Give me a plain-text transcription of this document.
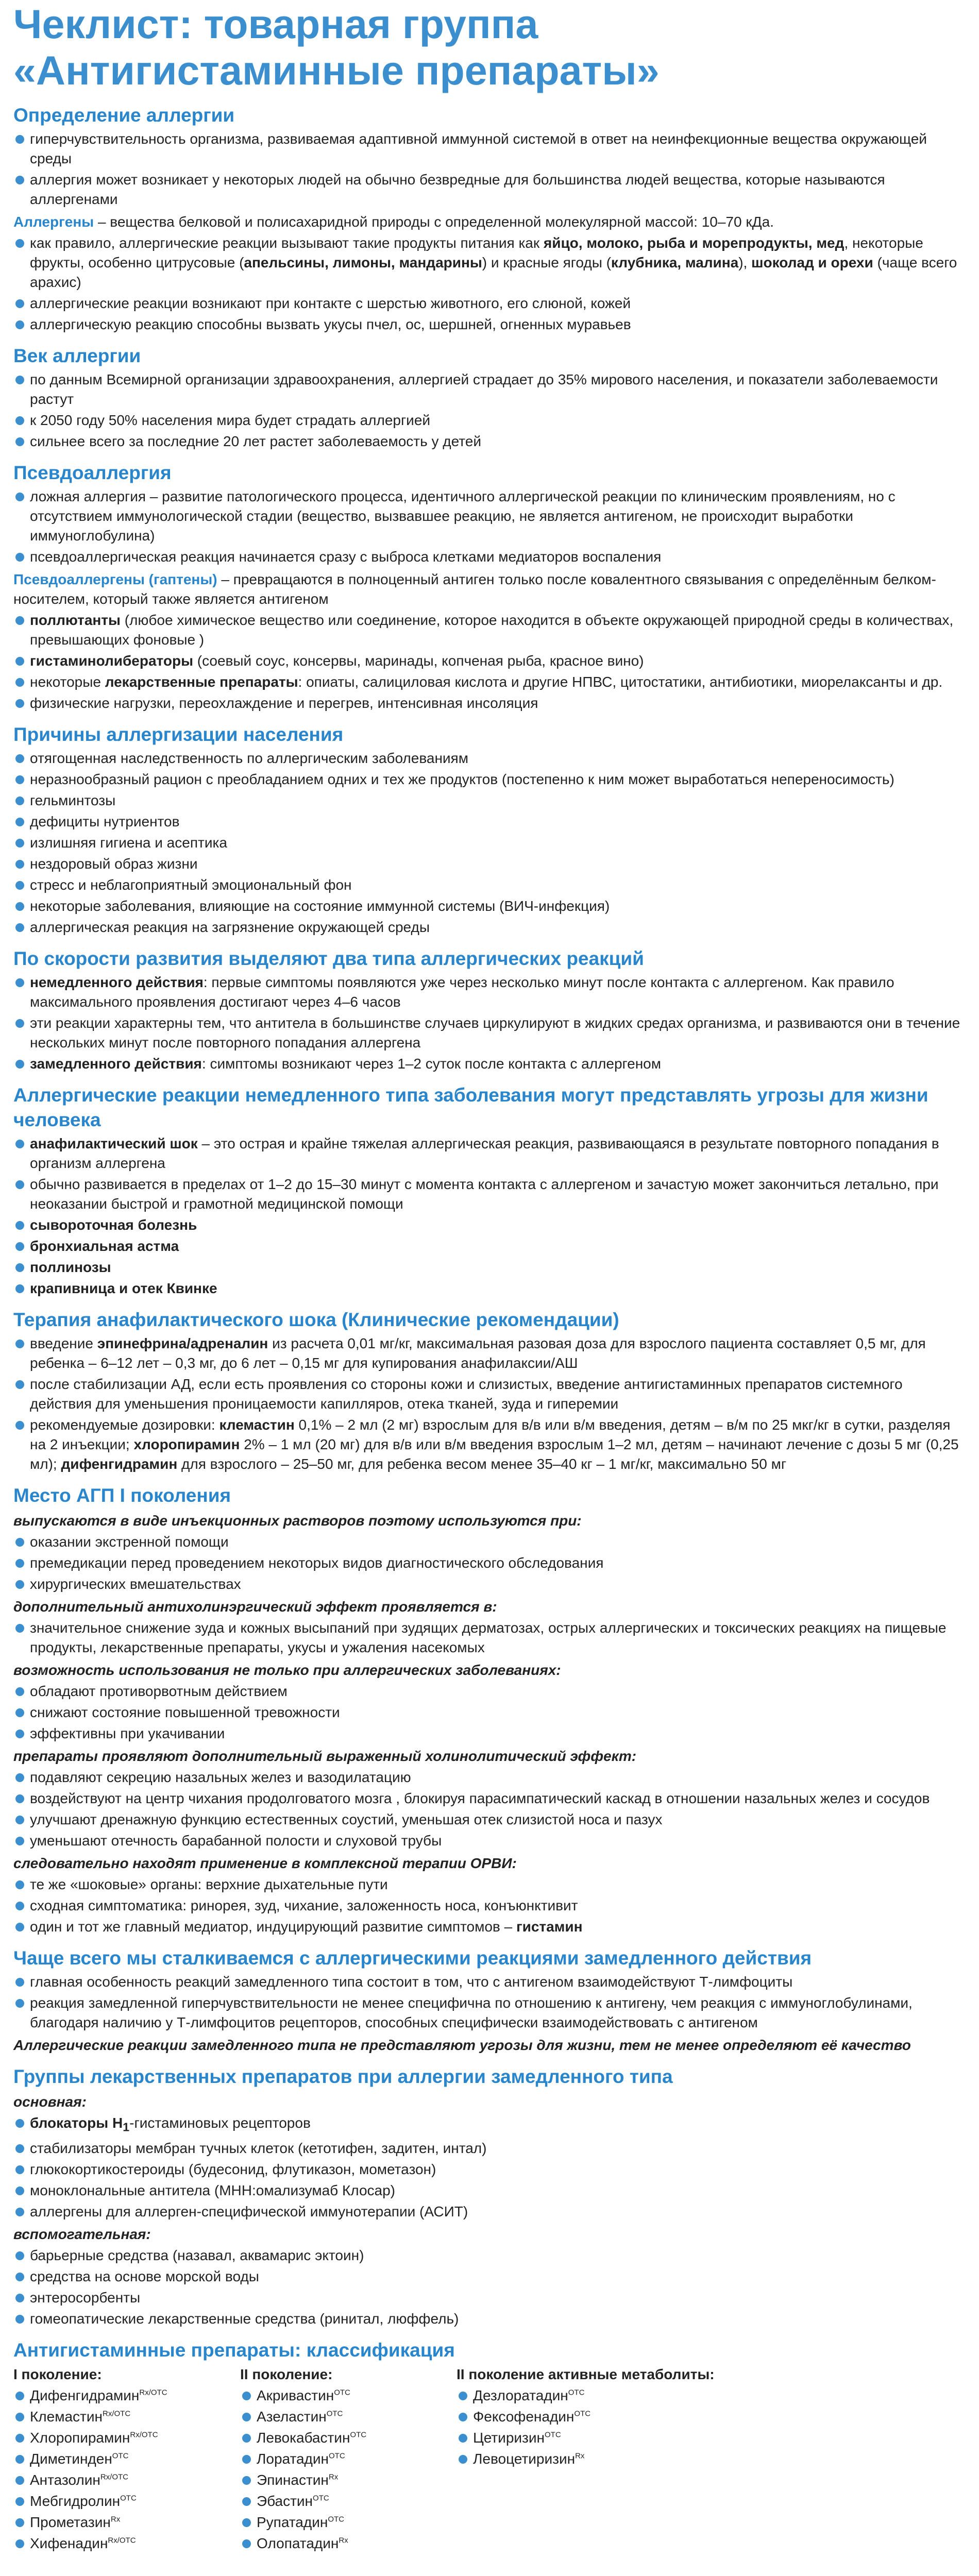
Чеклист: товарная группа
«Антигистаминные препараты»
Определение аллергии
гиперчувствительность организма, развиваемая адаптивной иммунной системой в ответ на неинфекционные вещества окружающей среды
аллергия может возникает у некоторых людей на обычно безвредные для большинства людей вещества, которые называются аллергенами

Аллергены – вещества белковой и полисахаридной природы с определенной молекулярной массой: 10–70 кДа.

как правило, аллергические реакции вызывают такие продукты питания как яйцо, молоко, рыба и морепродукты, мед, некоторые фрукты, особенно цитрусовые (апельсины, лимоны, мандарины) и красные ягоды (клубника, малина), шоколад и орехи (чаще всего арахис)
аллергические реакции возникают при контакте с шерстью животного, его слюной, кожей
аллергическую реакцию способны вызвать укусы пчел, ос, шершней, огненных муравьев
Век аллергии
по данным Всемирной организации здравоохранения, аллергией страдает до 35% мирового населения, и показатели заболеваемости растут
к 2050 году 50% населения мира будет страдать аллергией
сильнее всего за последние 20 лет растет заболеваемость у детей
Псевдоаллергия
ложная аллергия – развитие патологического процесса, идентичного аллергической реакции по клиническим проявлениям, но с отсутствием иммунологической стадии (вещество, вызвавшее реакцию, не является антигеном, не происходит выработки иммуноглобулина)
псевдоаллергическая реакция начинается сразу с выброса клетками медиаторов воспаления

Псевдоаллергены (гаптены) – превращаются в полноценный антиген только после ковалентного связывания с определённым белком-носителем, который также является антигеном

поллютанты (любое химическое вещество или соединение, которое находится в объекте окружающей природной среды в количествах, превышающих фоновые )
гистаминолибераторы (соевый соус, консервы, маринады, копченая рыба, красное вино)
некоторые лекарственные препараты: опиаты, салициловая кислота и другие НПВС, цитостатики, антибиотики, миорелаксанты и др.
физические нагрузки, переохлаждение и перегрев, интенсивная инсоляция
Причины аллергизации населения
отягощенная наследственность по аллергическим заболеваниям
неразнообразный рацион с преобладанием одних и тех же продуктов (постепенно к ним может выработаться непереносимость)
гельминтозы
дефициты нутриентов
излишняя гигиена и асептика
нездоровый образ жизни
стресс и неблагоприятный эмоциональный фон
некоторые заболевания, влияющие на состояние иммунной системы (ВИЧ-инфекция)
аллергическая реакция на загрязнение окружающей среды
По скорости развития выделяют два типа аллергических реакций
немедленного действия: первые симптомы появляются уже через несколько минут после контакта с аллергеном. Как правило максимального проявления достигают через 4–6 часов
эти реакции характерны тем, что антитела в большинстве случаев циркулируют в жидких средах организма, и развиваются они в течение нескольких минут после повторного попадания аллергена
замедленного действия: симптомы возникают через 1–2 суток после контакта с аллергеном
Аллергические реакции немедленного типа заболевания могут представлять угрозы для жизни человека
анафилактический шок – это острая и крайне тяжелая аллергическая реакция, развивающаяся в результате повторного попадания в организм аллергена
обычно развивается в пределах от 1–2 до 15–30 минут с момента контакта с аллергеном и зачастую может закончиться летально, при неоказании быстрой и грамотной медицинской помощи
сывороточная болезнь
бронхиальная астма
поллинозы
крапивница и отек Квинке
Терапия анафилактического шока (Клинические рекомендации)
введение эпинефрина/адреналин из расчета 0,01 мг/кг, максимальная разовая доза для взрослого пациента составляет 0,5 мг, для ребенка – 6–12 лет – 0,3 мг, до 6 лет – 0,15 мг для купирования анафилаксии/АШ
после стабилизации АД, если есть проявления со стороны кожи и слизистых, введение антигистаминных препаратов системного действия для уменьшения проницаемости капилляров, отека тканей, зуда и гиперемии
рекомендуемые дозировки: клемастин 0,1% – 2 мл (2 мг) взрослым для в/в или в/м введения, детям – в/м по 25 мкг/кг в сутки, разделяя на 2 инъекции; хлоропирамин 2% – 1 мл (20 мг) для в/в или в/м введения взрослым 1–2 мл, детям – начинают лечение с дозы 5 мг (0,25 мл); дифенгидрамин для взрослого – 25–50 мг, для ребенка весом менее 35–40 кг – 1 мг/кг, максимально 50 мг
Место АГП I поколения
выпускаются в виде инъекционных растворов поэтому используются при:
оказании экстренной помощи
премедикации перед проведением некоторых видов диагностического обследования
хирургических вмешательствах
дополнительный антихолинэргический эффект проявляется в:
значительное снижение зуда и кожных высыпаний при зудящих дерматозах, острых аллергических и токсических реакциях на пищевые продукты, лекарственные препараты, укусы и ужаления насекомых
возможность использования не только при аллергических заболеваниях:
обладают противорвотным действием
снижают состояние повышенной тревожности
эффективны при укачивании
препараты проявляют дополнительный выраженный холинолитический эффект:
подавляют секрецию назальных желез и вазодилатацию
воздействуют на центр чихания продолговатого мозга , блокируя парасимпатический каскад в отношении назальных желез и сосудов
улучшают дренажную функцию естественных соустий, уменьшая отек слизистой носа и пазух
уменьшают отечность барабанной полости и слуховой трубы
следовательно находят применение в комплексной терапии ОРВИ:
те же «шоковые» органы: верхние дыхательные пути
сходная симптоматика: ринорея, зуд, чихание, заложенность носа, конъюнктивит
один и тот же главный медиатор, индуцирующий развитие симптомов – гистамин
Чаще всего мы сталкиваемся с аллергическими реакциями замедленного действия
главная особенность реакций замедленного типа состоит в том, что с антигеном взаимодействуют Т-лимфоциты
реакция замедленной гиперчувствительности не менее специфична по отношению к антигену, чем реакция с иммуноглобулинами, благодаря наличию у Т-лимфоцитов рецепторов, способных специфически взаимодействовать с антигеном
Аллергические реакции замедленного типа не представляют угрозы для жизни, тем не менее определяют её качество
Группы лекарственных препаратов при аллергии замедленного типа
основная:
блокаторы $H_1$-гистаминовых рецепторов
стабилизаторы мембран тучных клеток (кетотифен, задитен, интал)
глюкокортикостероиды (будесонид, флутиказон, мометазон)
моноклональные антитела (МНН:омализумаб Клосар)
аллергены для аллерген-специфической иммунотерапии (АСИТ)
вспомогательная:
барьерные средства (назавал, аквамарис эктоин)
средства на основе морской воды
энтеросорбенты
гомеопатические лекарственные средства (ринитал, люффель)
Антигистаминные препараты: классификация
I поколение:
Дифенгидрамин$^{Rx/OTC}$
Клемастин$^{Rx/OTC}$
Хлоропирамин$^{Rx/OTC}$
Диметинден$^{OTC}$
Антазолин$^{Rx/OTC}$
Мебгидролин$^{OTC}$
Прометазин$^{Rx}$
Хифенадин$^{Rx/OTC}$
II поколение:
Акривастин$^{OTC}$
Азеластин$^{OTC}$
Левокабастин$^{OTC}$
Лоратадин$^{OTC}$
Эпинастин$^{Rx}$
Эбастин$^{OTC}$
Рупатадин$^{OTC}$
Олопатадин$^{Rx}$
II поколение активные метаболиты:
Дезлоратадин$^{OTC}$
Фексофенадин$^{OTC}$
Цетиризин$^{OTC}$
Левоцетиризин$^{Rx}$
